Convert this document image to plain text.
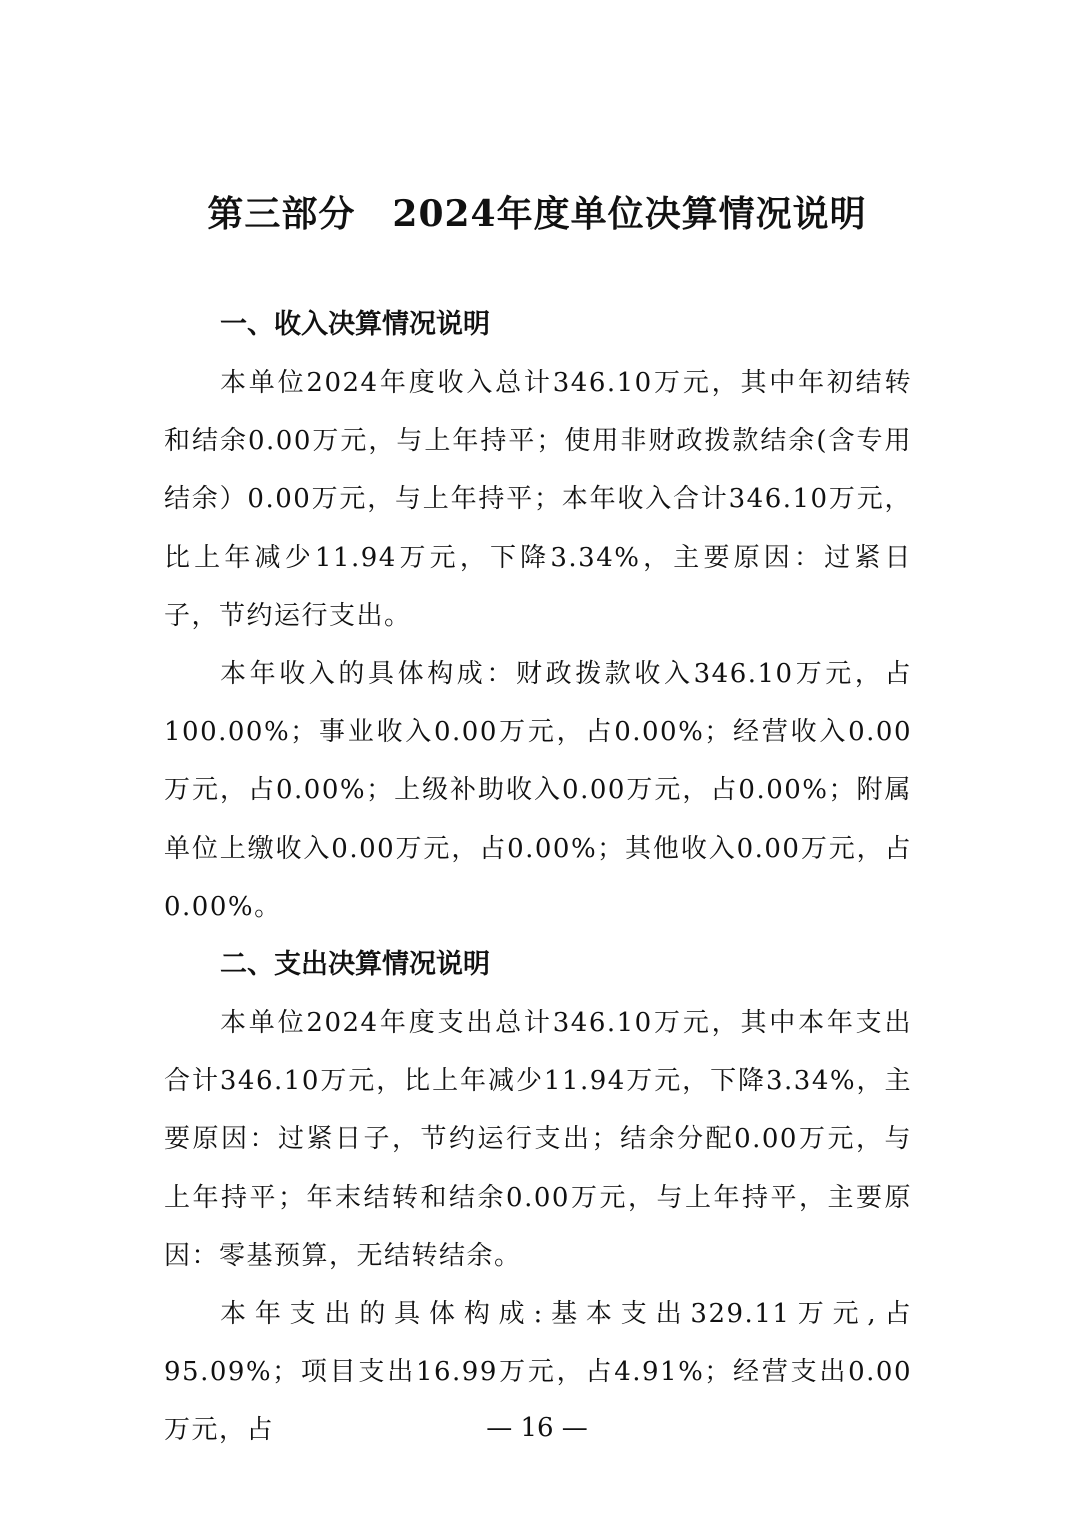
第三部分　2024年度单位决算情况说明
一、收入决算情况说明

本单位2024年度收入总计346.10万元，其中年初结转和结余0.00万元，与上年持平；使用非财政拨款结余(含专用结余）0.00万元，与上年持平；本年收入合计346.10万元，比上年减少11.94万元，下降3.34%，主要原因：过紧日子，节约运行支出。

本年收入的具体构成：财政拨款收入346.10万元，占100.00%；事业收入0.00万元，占0.00%；经营收入0.00万元，占0.00%；上级补助收入0.00万元，占0.00%；附属单位上缴收入0.00万元，占0.00%；其他收入0.00万元，占0.00%。

二、支出决算情况说明

本单位2024年度支出总计346.10万元，其中本年支出合计346.10万元，比上年减少11.94万元，下降3.34%，主要原因：过紧日子，节约运行支出；结余分配0.00万元，与上年持平；年末结转和结余0.00万元，与上年持平，主要原因：零基预算，无结转结余。

本年支出的具体构成:基本支出329.11万元,占95.09%；项目支出16.99万元，占4.91%；经营支出0.00万元，占	— 16 —
